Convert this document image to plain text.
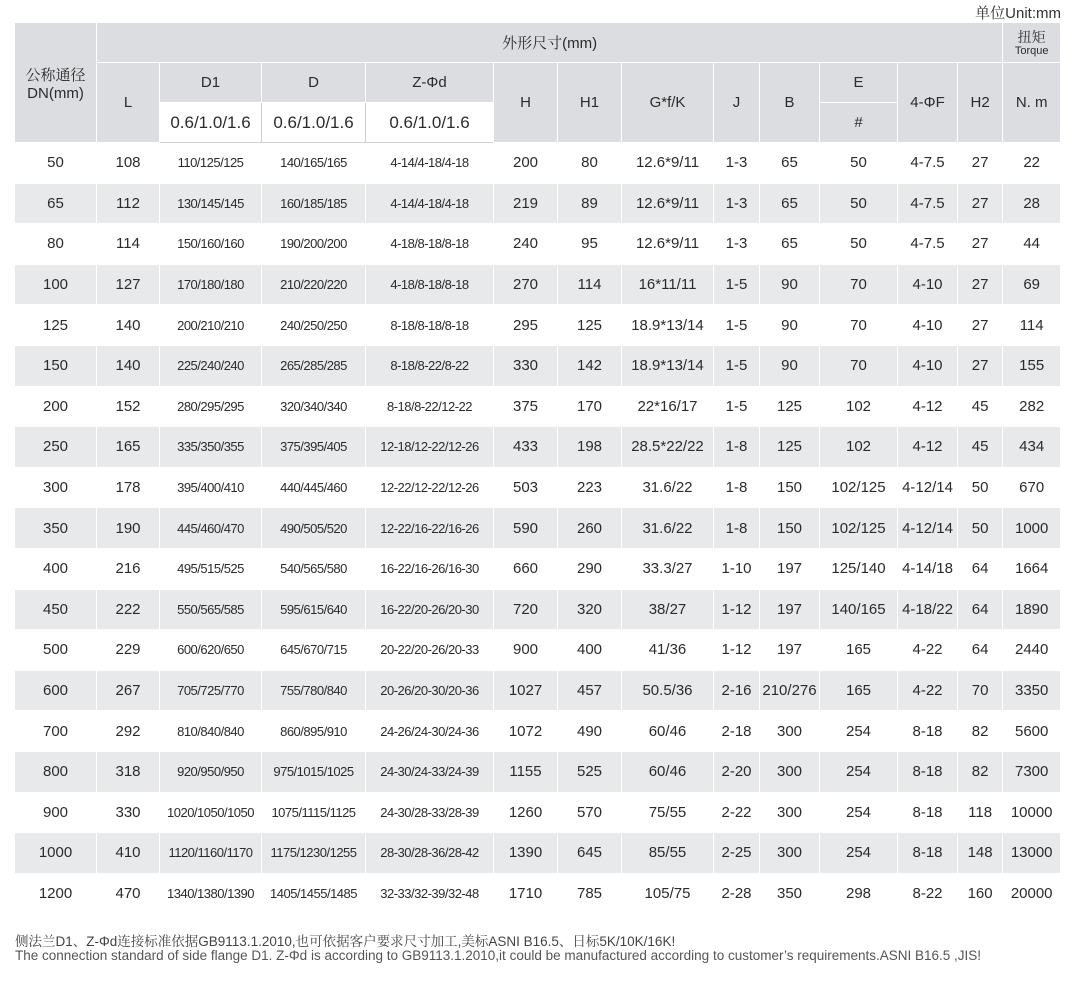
单位Unit:mm
公称通径DN(mm)	外形尺寸(mm)												扭矩
Torque

	L	D1	D	Z-Φd	H	H1	G*f/K	J	B	E	4-ΦF	H2	N. m
		0.6/1.0/1.6	0.6/1.0/1.6	0.6/1.0/1.6						#			
50	108	110/125/125	140/165/165	4-14/4-18/4-18	200	80	12.6*9/11	1-3	65	50	4-7.5	27	22
65	112	130/145/145	160/185/185	4-14/4-18/4-18	219	89	12.6*9/11	1-3	65	50	4-7.5	27	28
80	114	150/160/160	190/200/200	4-18/8-18/8-18	240	95	12.6*9/11	1-3	65	50	4-7.5	27	44
100	127	170/180/180	210/220/220	4-18/8-18/8-18	270	114	16*11/11	1-5	90	70	4-10	27	69
125	140	200/210/210	240/250/250	8-18/8-18/8-18	295	125	18.9*13/14	1-5	90	70	4-10	27	114
150	140	225/240/240	265/285/285	8-18/8-22/8-22	330	142	18.9*13/14	1-5	90	70	4-10	27	155
200	152	280/295/295	320/340/340	8-18/8-22/12-22	375	170	22*16/17	1-5	125	102	4-12	45	282
250	165	335/350/355	375/395/405	12-18/12-22/12-26	433	198	28.5*22/22	1-8	125	102	4-12	45	434
300	178	395/400/410	440/445/460	12-22/12-22/12-26	503	223	31.6/22	1-8	150	102/125	4-12/14	50	670
350	190	445/460/470	490/505/520	12-22/16-22/16-26	590	260	31.6/22	1-8	150	102/125	4-12/14	50	1000
400	216	495/515/525	540/565/580	16-22/16-26/16-30	660	290	33.3/27	1-10	197	125/140	4-14/18	64	1664
450	222	550/565/585	595/615/640	16-22/20-26/20-30	720	320	38/27	1-12	197	140/165	4-18/22	64	1890
500	229	600/620/650	645/670/715	20-22/20-26/20-33	900	400	41/36	1-12	197	165	4-22	64	2440
600	267	705/725/770	755/780/840	20-26/20-30/20-36	1027	457	50.5/36	2-16	210/276	165	4-22	70	3350
700	292	810/840/840	860/895/910	24-26/24-30/24-36	1072	490	60/46	2-18	300	254	8-18	82	5600
800	318	920/950/950	975/1015/1025	24-30/24-33/24-39	1155	525	60/46	2-20	300	254	8-18	82	7300
900	330	1020/1050/1050	1075/1115/1125	24-30/28-33/28-39	1260	570	75/55	2-22	300	254	8-18	118	10000
1000	410	1120/1160/1170	1175/1230/1255	28-30/28-36/28-42	1390	645	85/55	2-25	300	254	8-18	148	13000
1200	470	1340/1380/1390	1405/1455/1485	32-33/32-39/32-48	1710	785	105/75	2-28	350	298	8-22	160	20000
侧法兰D1、Z-Φd连接标准依据GB9113.1.2010,也可依据客户要求尺寸加工,美标ASNI B16.5、日标5K/10K/16K!
The connection standard of side flange D1. Z-Φd is according to GB9113.1.2010,it could be manufactured according to customer’s requirements.ASNI B16.5 ,JIS!
